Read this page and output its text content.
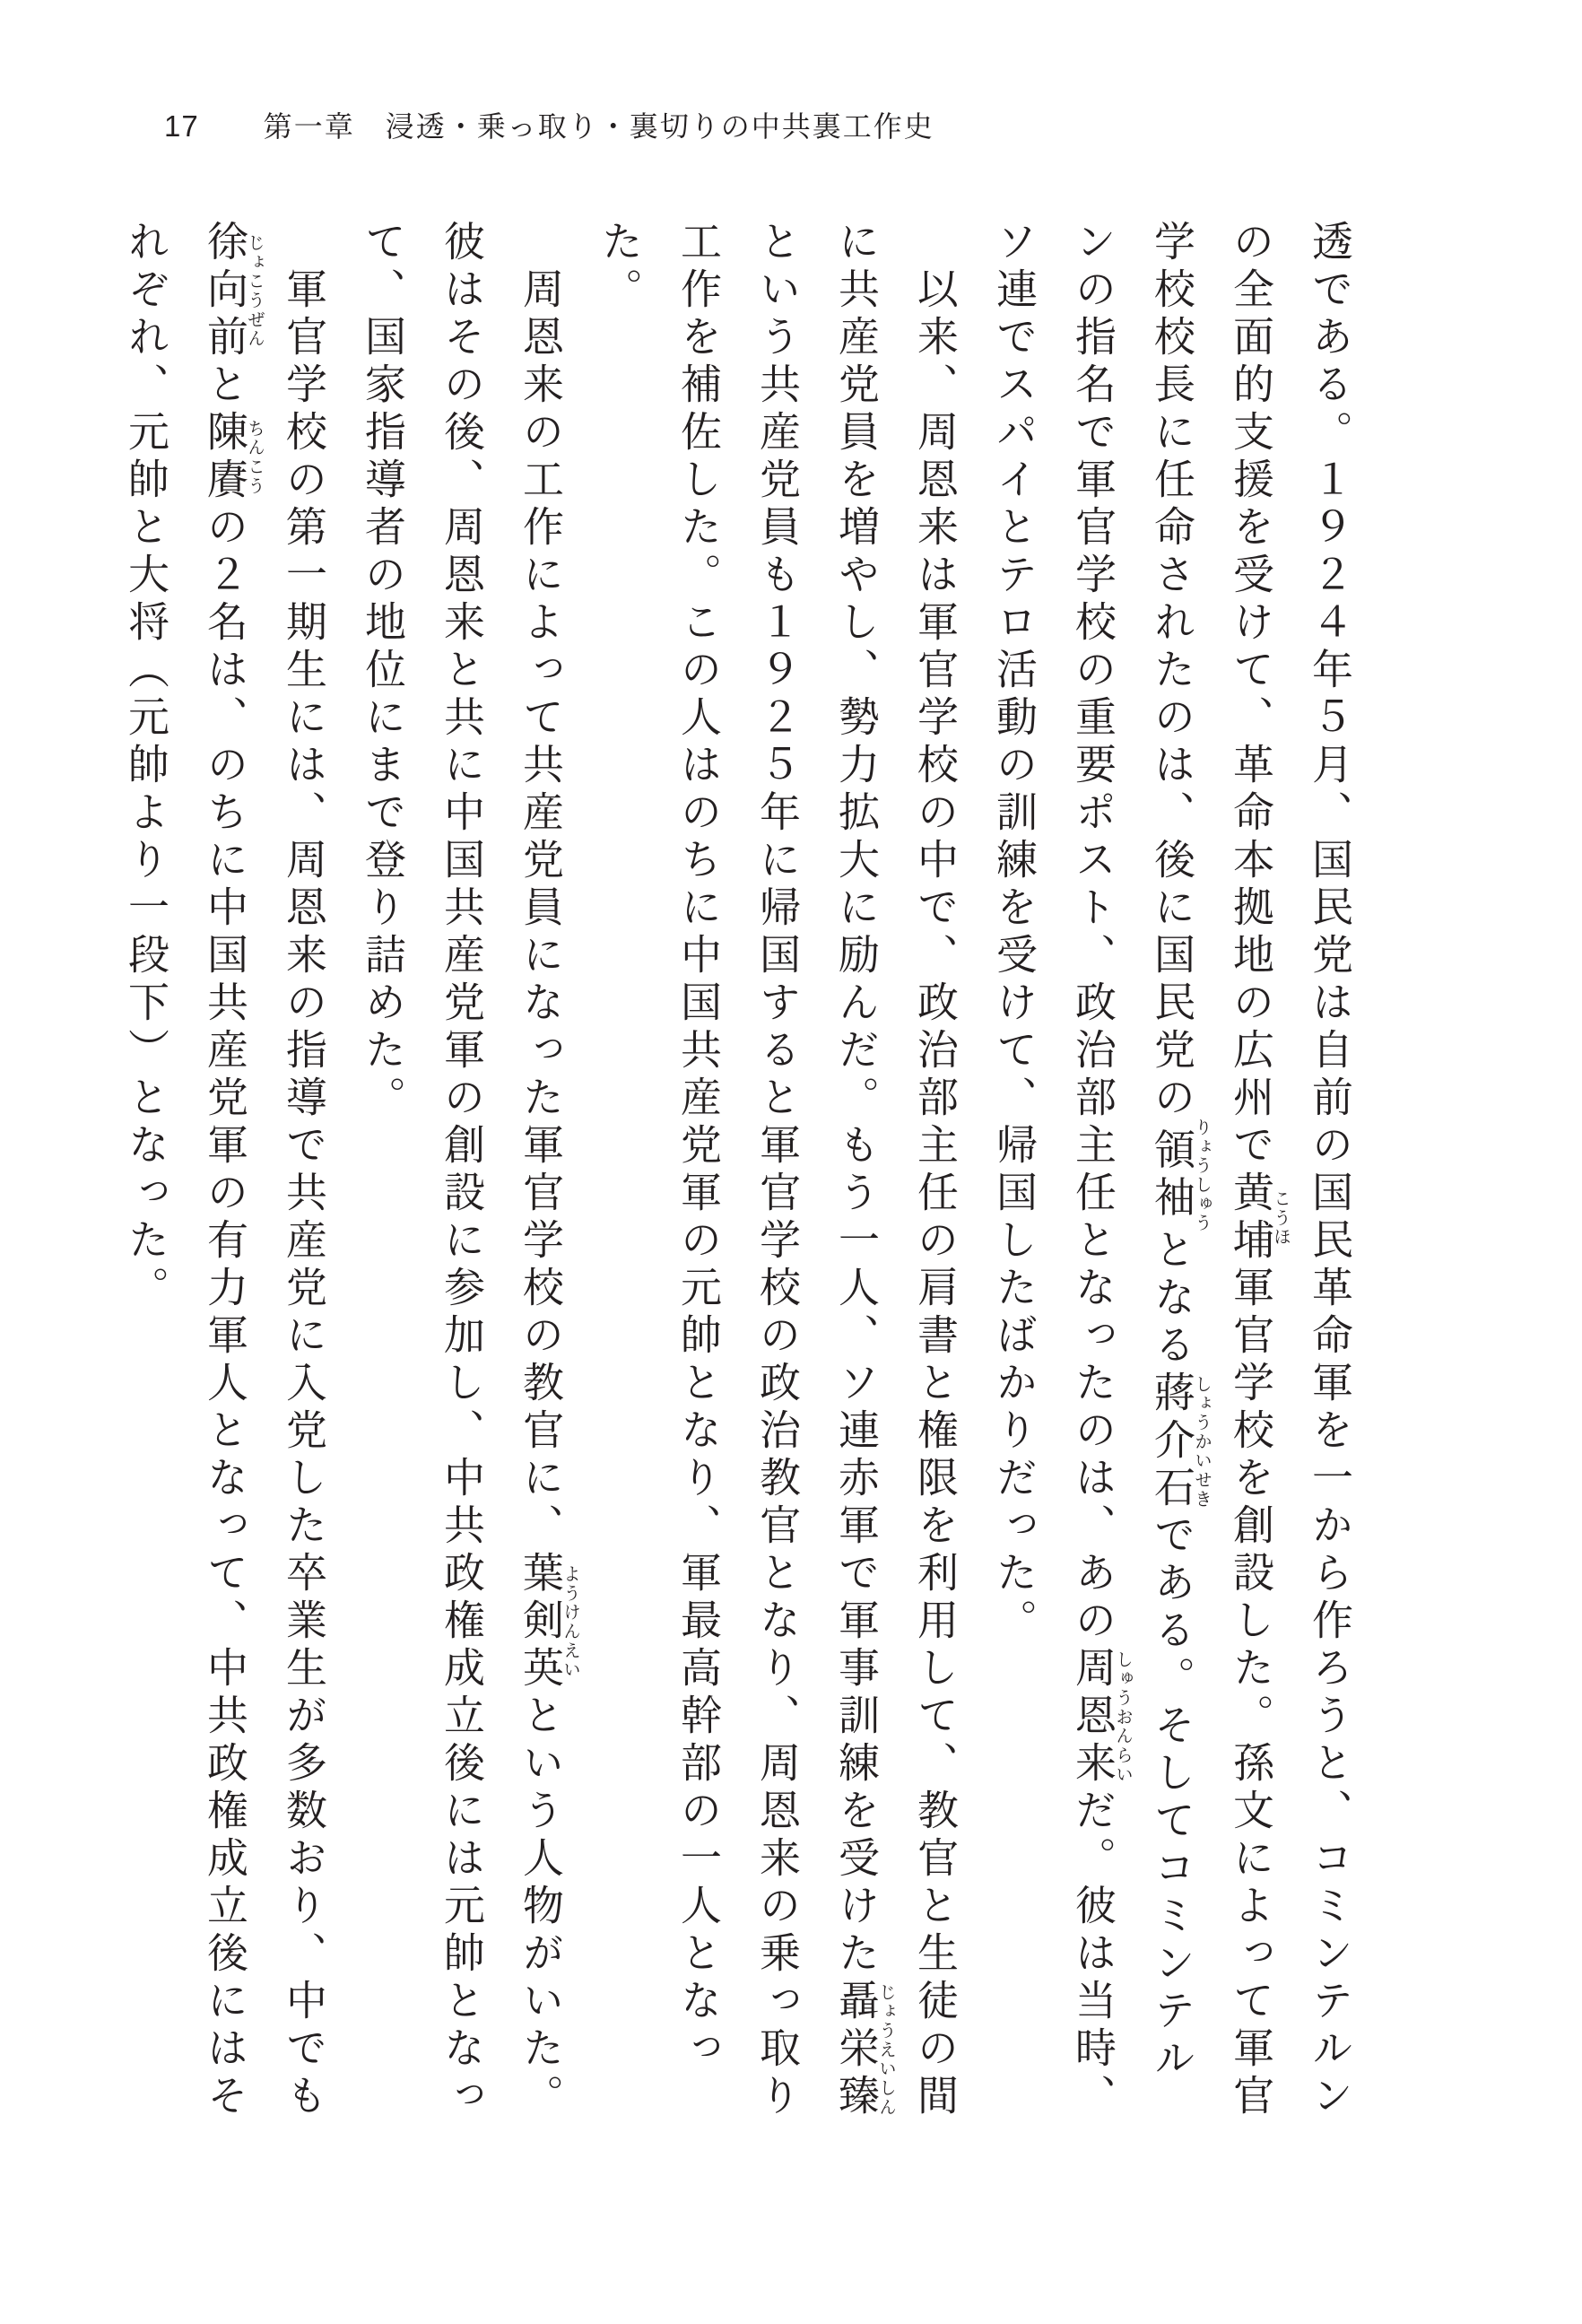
17 第一章　浸透・乗っ取り・裏切りの中共裏工作史

透である。１９２４年５月、国民党は自前の国民革命軍を一から作ろうと、コミンテルンの全面的支援を受けて、革命本拠地の広州で黄埔こうほ軍官学校を創設した。孫文によって軍官学校校長に任命されたのは、後に国民党の領袖りょうしゅうとなる蔣介石しょうかいせきである。そしてコミンテルンの指名で軍官学校の重要ポスト、政治部主任となったのは、あの周恩来しゅうおんらいだ。彼は当時、ソ連でスパイとテロ活動の訓練を受けて、帰国したばかりだった。

以来、周恩来は軍官学校の中で、政治部主任の肩書と権限を利用して、教官と生徒の間に共産党員を増やし、勢力拡大に励んだ。もう一人、ソ連赤軍で軍事訓練を受けた聶栄臻じょうえいしんという共産党員も１９２５年に帰国すると軍官学校の政治教官となり、周恩来の乗っ取り工作を補佐した。この人はのちに中国共産党軍の元帥となり、軍最高幹部の一人となった。

周恩来の工作によって共産党員になった軍官学校の教官に、葉剣英ようけんえいという人物がいた。彼はその後、周恩来と共に中国共産党軍の創設に参加し、中共政権成立後には元帥となって、国家指導者の地位にまで登り詰めた。

軍官学校の第一期生には、周恩来の指導で共産党に入党した卒業生が多数おり、中でも徐向前じょこうぜんと陳賡ちんこうの２名は、のちに中国共産党軍の有力軍人となって、中共政権成立後にはそれぞれ、元帥と大将（元帥より一段下）となった。
